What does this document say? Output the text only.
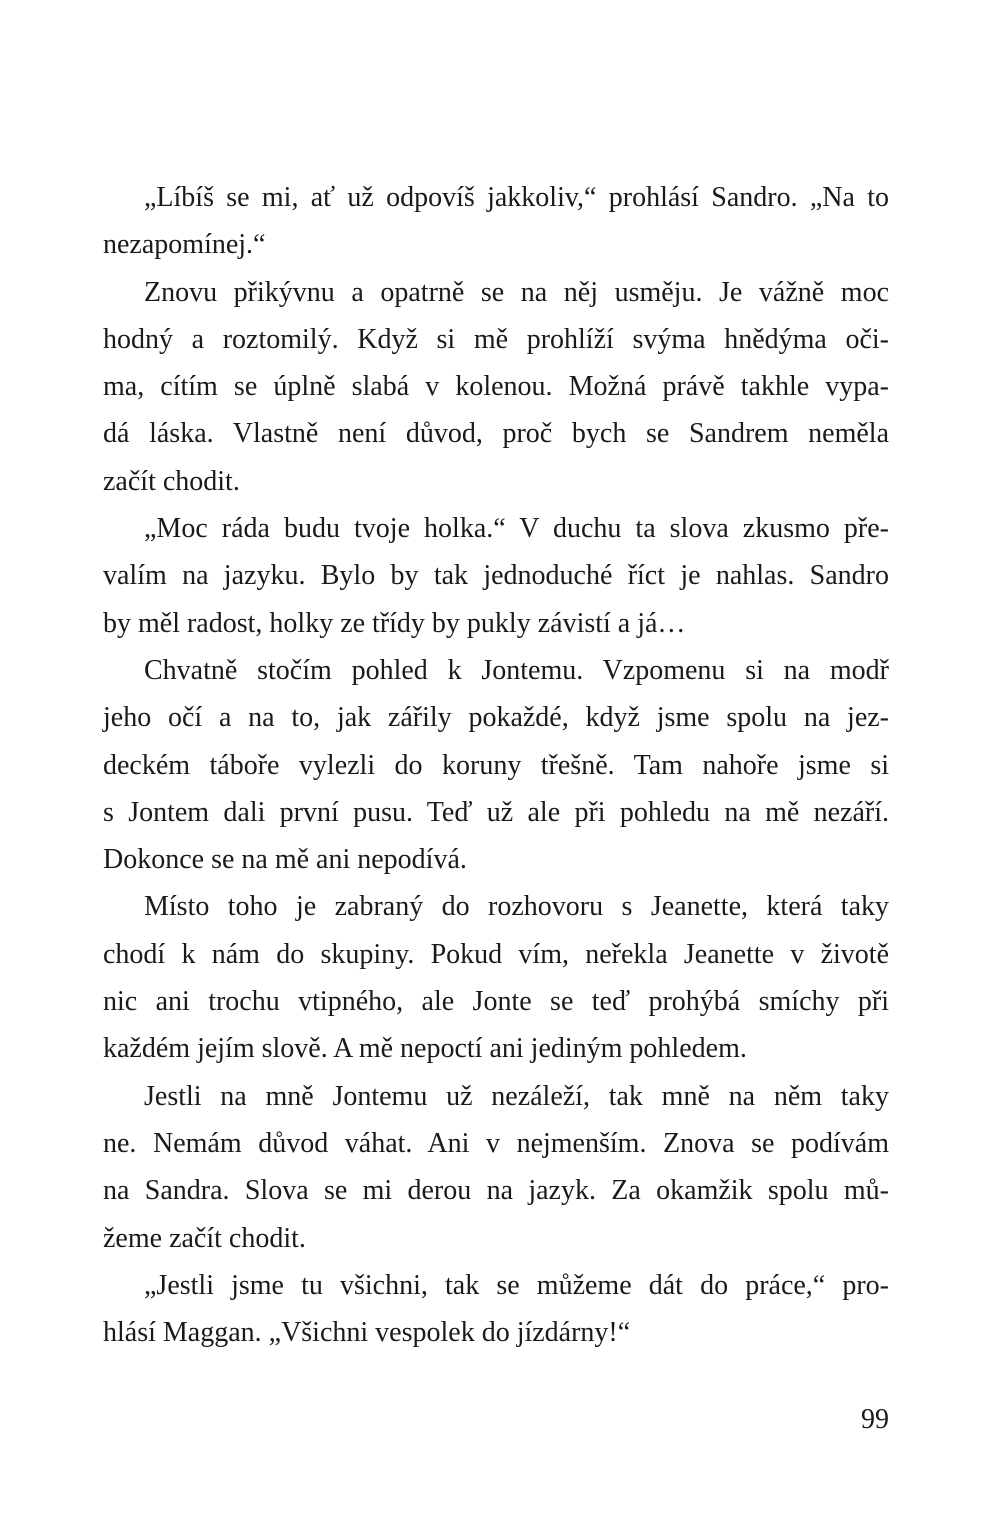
„Líbíš se mi, ať už odpovíš jakkoliv,“ prohlásí Sandro. „Na to
nezapomínej.“

Znovu přikývnu a opatrně se na něj usměju. Je vážně moc
hodný a roztomilý. Když si mě prohlíží svýma hnědýma oči-
ma, cítím se úplně slabá v kolenou. Možná právě takhle vypa-
dá láska. Vlastně není důvod, proč bych se Sandrem neměla
začít chodit.

„Moc ráda budu tvoje holka.“ V duchu ta slova zkusmo pře-
valím na jazyku. Bylo by tak jednoduché říct je nahlas. Sandro
by měl radost, holky ze třídy by pukly závistí a já…

Chvatně stočím pohled k Jontemu. Vzpomenu si na modř
jeho očí a na to, jak zářily pokaždé, když jsme spolu na jez-
deckém táboře vylezli do koruny třešně. Tam nahoře jsme si
s Jontem dali první pusu. Teď už ale při pohledu na mě nezáří.
Dokonce se na mě ani nepodívá.

Místo toho je zabraný do rozhovoru s Jeanette, která taky
chodí k nám do skupiny. Pokud vím, neřekla Jeanette v životě
nic ani trochu vtipného, ale Jonte se teď prohýbá smíchy při
každém jejím slově. A mě nepoctí ani jediným pohledem.

Jestli na mně Jontemu už nezáleží, tak mně na něm taky
ne. Nemám důvod váhat. Ani v nejmenším. Znova se podívám
na Sandra. Slova se mi derou na jazyk. Za okamžik spolu mů-
žeme začít chodit.

„Jestli jsme tu všichni, tak se můžeme dát do práce,“ pro-
hlásí Maggan. „Všichni vespolek do jízdárny!“

99
